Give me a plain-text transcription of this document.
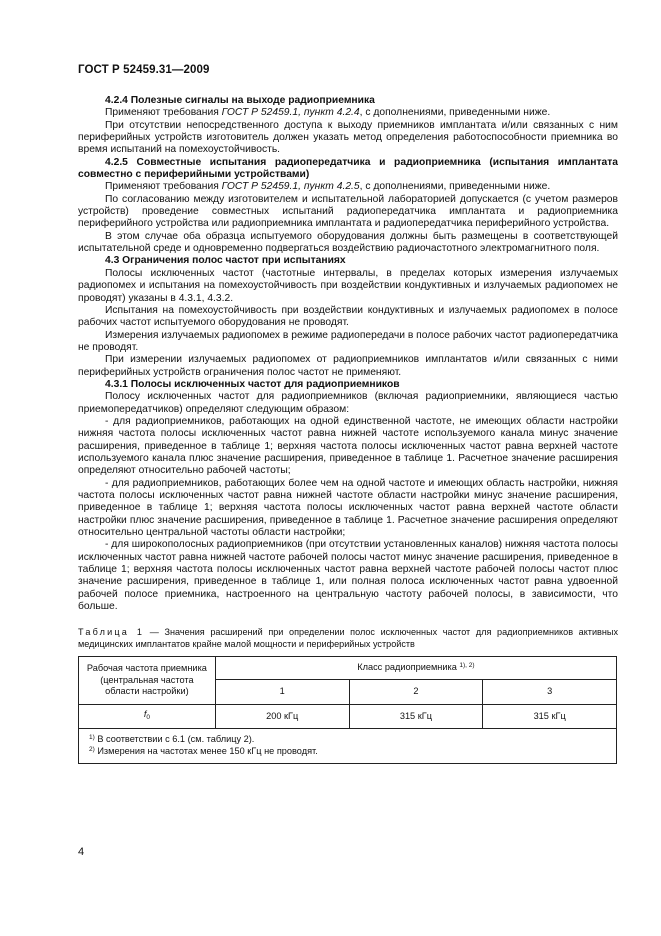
ГОСТ Р 52459.31—2009

4.2.4 Полезные сигналы на выходе радиоприемника

Применяют требования ГОСТ Р 52459.1, пункт 4.2.4, с дополнениями, приведенными ниже.

При отсутствии непосредственного доступа к выходу приемников имплантата и/или связанных с ним периферийных устройств изготовитель должен указать метод определения работоспособности приемника во время испытаний на помехоустойчивость.

4.2.5 Совместные испытания радиопередатчика и радиоприемника (испытания имплантата совместно с периферийными устройствами)

Применяют требования ГОСТ Р 52459.1, пункт 4.2.5, с дополнениями, приведенными ниже.

По согласованию между изготовителем и испытательной лабораторией допускается (с учетом размеров устройств) проведение совместных испытаний радиопередатчика имплантата и радиоприемника периферийного устройства или радиоприемника имплантата и радиопередатчика периферийного устройства.

В этом случае оба образца испытуемого оборудования должны быть размещены в соответствующей испытательной среде и одновременно подвергаться воздействию радиочастотного электромагнитного поля.

4.3 Ограничения полос частот при испытаниях

Полосы исключенных частот (частотные интервалы, в пределах которых измерения излучаемых радиопомех и испытания на помехоустойчивость при воздействии кондуктивных и излучаемых радиопомех не проводят) указаны в 4.3.1, 4.3.2.

Испытания на помехоустойчивость при воздействии кондуктивных и излучаемых радиопомех в полосе рабочих частот испытуемого оборудования не проводят.

Измерения излучаемых радиопомех в режиме радиопередачи в полосе рабочих частот радиопередатчика не проводят.

При измерении излучаемых радиопомех от радиоприемников имплантатов и/или связанных с ними периферийных устройств ограничения полос частот не применяют.

4.3.1 Полосы исключенных частот для радиоприемников

Полосу исключенных частот для радиоприемников (включая радиоприемники, являющиеся частью приемопередатчиков) определяют следующим образом:

- для радиоприемников, работающих на одной единственной частоте, не имеющих области настройки нижняя частота полосы исключенных частот равна нижней частоте используемого канала минус значение расширения, приведенное в таблице 1; верхняя частота полосы исключенных частот равна верхней частоте используемого канала плюс значение расширения, приведенное в таблице 1. Расчетное значение расширения определяют относительно рабочей частоты;

- для радиоприемников, работающих более чем на одной частоте и имеющих область настройки, нижняя частота полосы исключенных частот равна нижней частоте области настройки минус значение расширения, приведенное в таблице 1; верхняя частота полосы исключенных частот равна верхней частоте области настройки плюс значение расширения, приведенное в таблице 1. Расчетное значение расширения определяют относительно центральной частоты области настройки;

- для широкополосных радиоприемников (при отсутствии установленных каналов) нижняя частота полосы исключенных частот равна нижней частоте рабочей полосы частот минус значение расширения, приведенное в таблице 1; верхняя частота полосы исключенных частот равна верхней частоте рабочей полосы частот плюс значение расширения, приведенное в таблице 1, или полная полоса исключенных частот равна удвоенной рабочей полосе приемника, настроенного на центральную частоту рабочей полосы, в зависимости, что больше.

Таблица 1 — Значения расширений при определении полос исключенных частот для радиоприемников активных медицинских имплантатов крайне малой мощности и периферийных устройств

Рабочая частота приемника (центральная частота области настройки)	Класс радиоприемника $^{1), 2)}$
	1	2	3
$f_0$	200 кГц	315 кГц	315 кГц

$^{1)}$ В соответствии с 6.1 (см. таблицу 2).
$^{2)}$ Измерения на частотах менее 150 кГц не проводят.			
4
